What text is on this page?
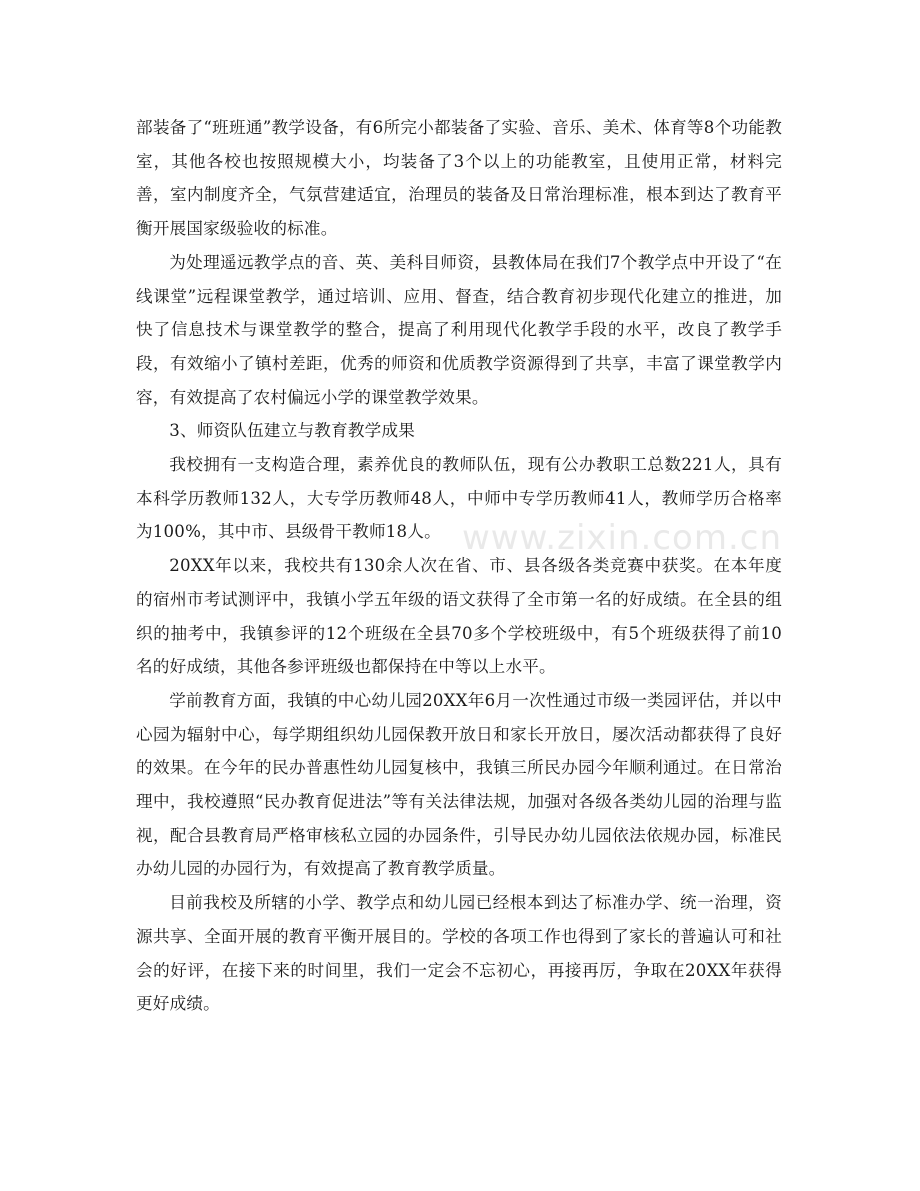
www.zixin.com.cn

部装备了“班班通”教学设备，有6所完小都装备了实验、音乐、美术、体育等8个功能教室，其他各校也按照规模大小，均装备了3个以上的功能教室，且使用正常，材料完善，室内制度齐全，气氛营建适宜，治理员的装备及日常治理标准，根本到达了教育平衡开展国家级验收的标准。

为处理遥远教学点的音、英、美科目师资，县教体局在我们7个教学点中开设了“在线课堂”远程课堂教学，通过培训、应用、督查，结合教育初步现代化建立的推进，加快了信息技术与课堂教学的整合，提高了利用现代化教学手段的水平，改良了教学手段，有效缩小了镇村差距，优秀的师资和优质教学资源得到了共享，丰富了课堂教学内容，有效提高了农村偏远小学的课堂教学效果。

3、师资队伍建立与教育教学成果

我校拥有一支构造合理，素养优良的教师队伍，现有公办教职工总数221人，具有本科学历教师132人，大专学历教师48人，中师中专学历教师41人，教师学历合格率为100%，其中市、县级骨干教师18人。

20XX年以来，我校共有130余人次在省、市、县各级各类竞赛中获奖。在本年度的宿州市考试测评中，我镇小学五年级的语文获得了全市第一名的好成绩。在全县的组织的抽考中，我镇参评的12个班级在全县70多个学校班级中，有5个班级获得了前10名的好成绩，其他各参评班级也都保持在中等以上水平。

学前教育方面，我镇的中心幼儿园20XX年6月一次性通过市级一类园评估，并以中心园为辐射中心，每学期组织幼儿园保教开放日和家长开放日，屡次活动都获得了良好的效果。在今年的民办普惠性幼儿园复核中，我镇三所民办园今年顺利通过。在日常治理中，我校遵照“民办教育促进法”等有关法律法规，加强对各级各类幼儿园的治理与监视，配合县教育局严格审核私立园的办园条件，引导民办幼儿园依法依规办园，标准民办幼儿园的办园行为，有效提高了教育教学质量。

目前我校及所辖的小学、教学点和幼儿园已经根本到达了标准办学、统一治理，资源共享、全面开展的教育平衡开展目的。学校的各项工作也得到了家长的普遍认可和社会的好评，在接下来的时间里，我们一定会不忘初心，再接再厉，争取在20XX年获得更好成绩。
